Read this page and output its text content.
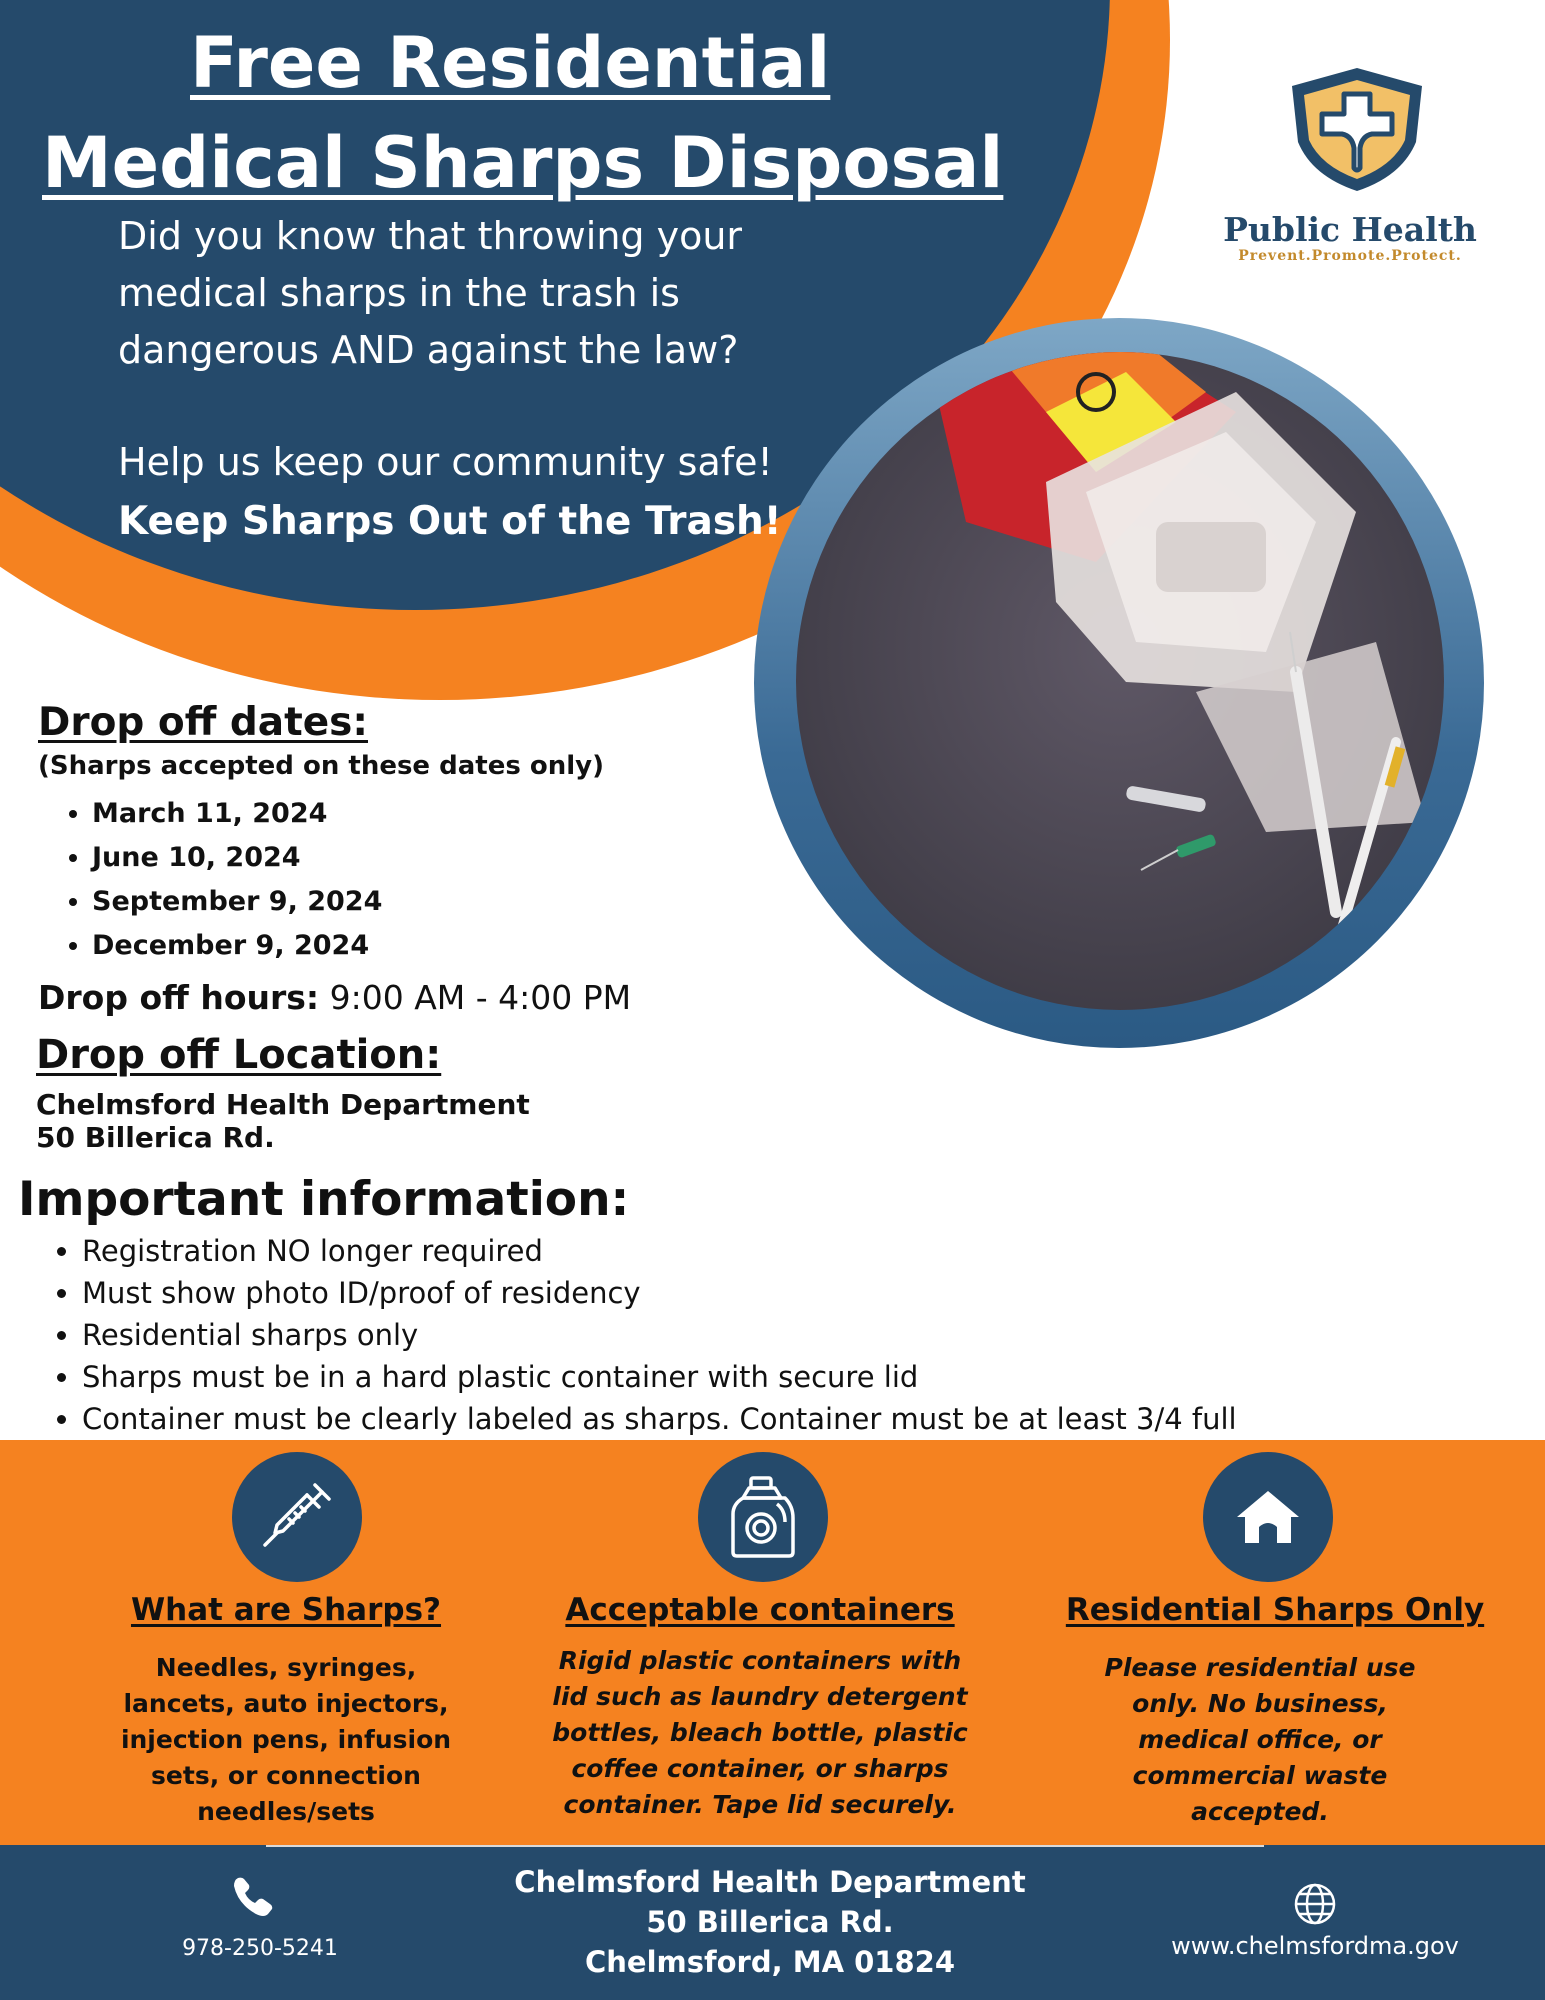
Free Residential
Medical Sharps Disposal
Did you know that throwing your medical sharps in the trash is dangerous AND against the law?
Help us keep our community safe!
Keep Sharps Out of the Trash!
Public Health
Prevent.Promote.Protect.
Drop off dates:
(Sharps accepted on these dates only)
• March 11, 2024
• June 10, 2024
• September 9, 2024
• December 9, 2024
Drop off hours: 9:00 AM - 4:00 PM
Drop off Location:
Chelmsford Health Department
50 Billerica Rd.
Important information:
• Registration NO longer required
• Must show photo ID/proof of residency
• Residential sharps only
• Sharps must be in a hard plastic container with secure lid
• Container must be clearly labeled as sharps. Container must be at least 3/4 full
What are Sharps?	Acceptable containers	Residential Sharps Only
Needles, syringes, lancets, auto injectors, injection pens, infusion sets, or connection needles/sets
Rigid plastic containers with lid such as laundry detergent bottles, bleach bottle, plastic coffee container, or sharps container. Tape lid securely.
Please residential use only. No business, medical office, or commercial waste accepted.
978-250-5241
Chelmsford Health Department
50 Billerica Rd.
Chelmsford, MA 01824	www.chelmsfordma.gov
